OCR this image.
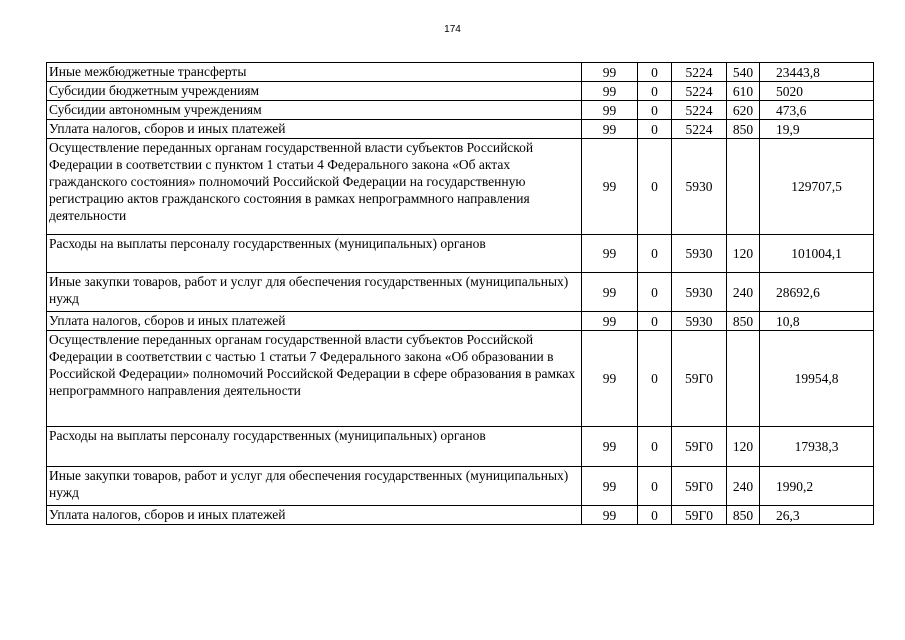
174
Иные межбюджетные трансферты	99	0	5224	540	23443,8
Субсидии бюджетным учреждениям	99	0	5224	610	5020
Субсидии автономным учреждениям	99	0	5224	620	473,6
Уплата налогов, сборов и иных платежей	99	0	5224	850	19,9
Осуществление переданных органам государственной власти субъектов Российской Федерации в соответствии с пунктом 1 статьи 4 Федерального закона «Об актах гражданского состояния» полномочий Российской Федерации на государственную регистрацию актов гражданского состояния в рамках непрограммного направления деятельности	99	0	5930		129707,5
Расходы на выплаты персоналу государственных (муниципальных) органов	99	0	5930	120	101004,1
Иные закупки товаров, работ и услуг для обеспечения государственных (муниципальных) нужд	99	0	5930	240	28692,6
Уплата налогов, сборов и иных платежей	99	0	5930	850	10,8
Осуществление переданных органам государственной власти субъектов Российской Федерации в соответствии с частью 1 статьи 7 Федерального закона «Об образовании в Российской Федерации» полномочий Российской Федерации в сфере образования в рамках непрограммного направления деятельности	99	0	59Г0		19954,8
Расходы на выплаты персоналу государственных (муниципальных) органов	99	0	59Г0	120	17938,3
Иные закупки товаров, работ и услуг для обеспечения государственных (муниципальных) нужд	99	0	59Г0	240	1990,2
Уплата налогов, сборов и иных платежей	99	0	59Г0	850	26,3
